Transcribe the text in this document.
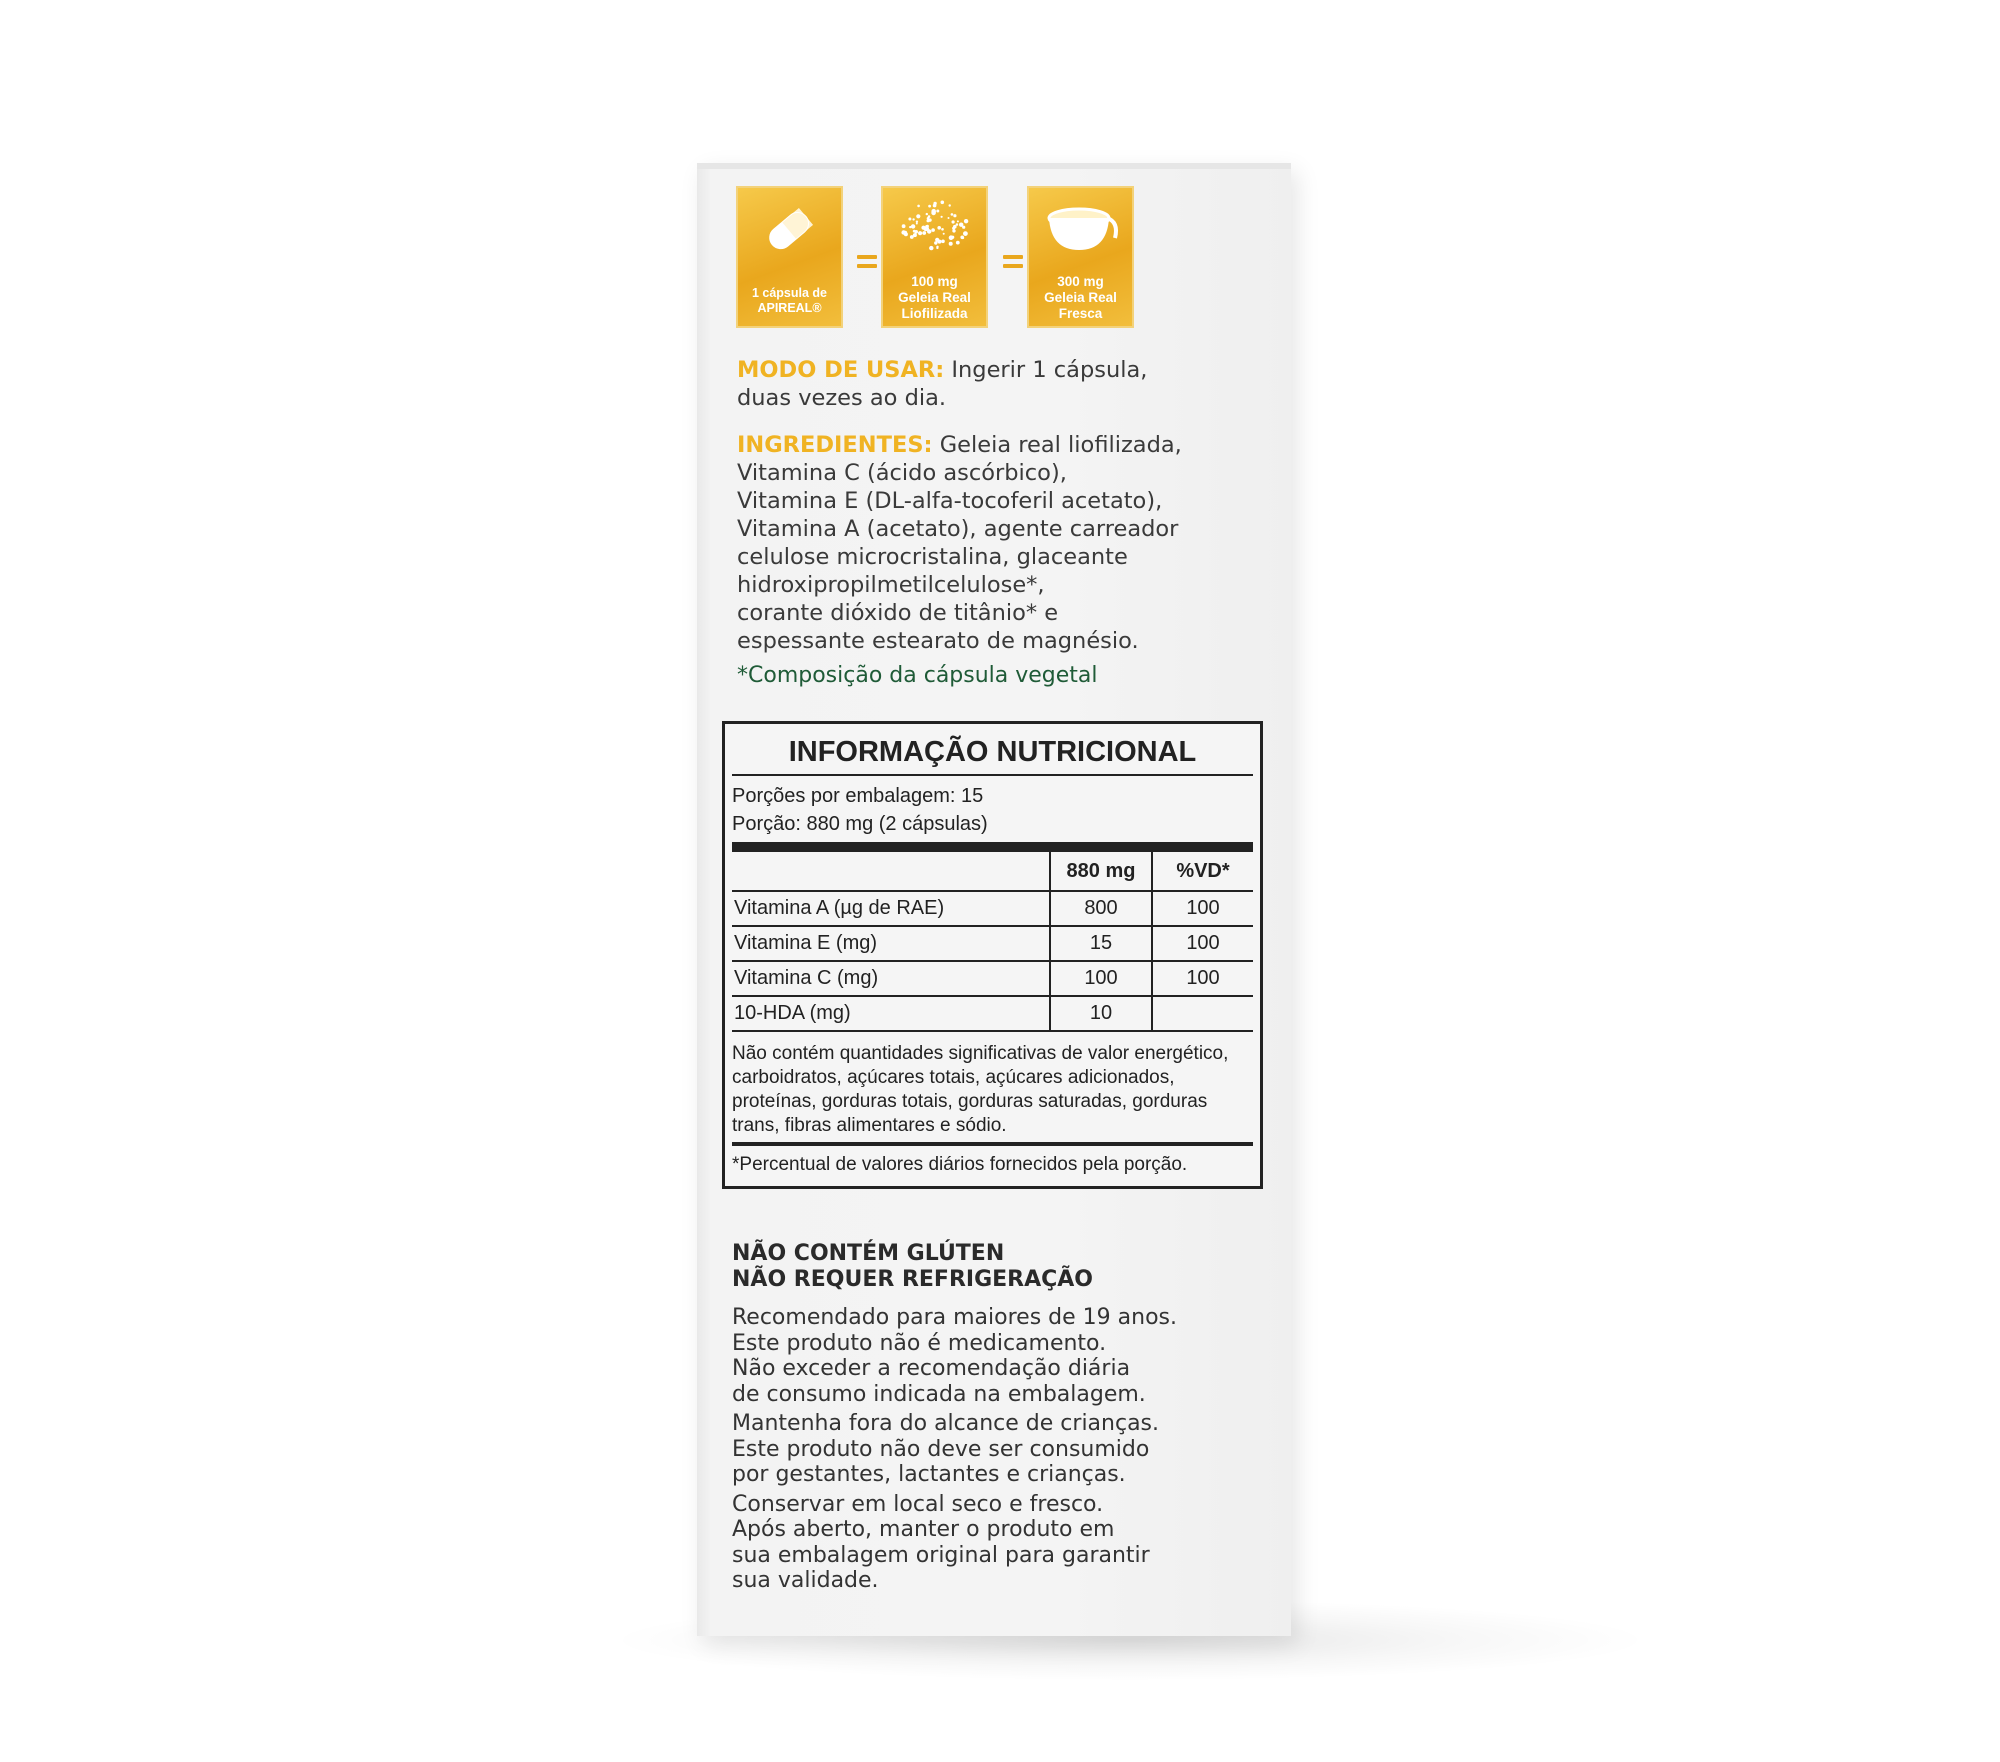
1 cápsula de
APIREAL®
100 mg
Geleia Real
Liofilizada
300 mg
Geleia Real
Fresca
MODO DE USAR: Ingerir 1 cápsula,
duas vezes ao dia.
INGREDIENTES: Geleia real liofilizada,
Vitamina C (ácido ascórbico),
Vitamina E (DL-alfa-tocoferil acetato),
Vitamina A (acetato), agente carreador
celulose microcristalina, glaceante
hidroxipropilmetilcelulose*,
corante dióxido de titânio* e
espessante estearato de magnésio.
*Composição da cápsula vegetal
INFORMAÇÃO NUTRICIONAL
Porções por embalagem: 15
Porção: 880 mg (2 cápsulas)
	880 mg	%VD*
Vitamina A (µg de RAE)	800	100
Vitamina E (mg)	15	100
Vitamina C (mg)	100	100
10-HDA (mg)	10	
Não contém quantidades significativas de valor energético,
carboidratos, açúcares totais, açúcares adicionados,
proteínas, gorduras totais, gorduras saturadas, gorduras
trans, fibras alimentares e sódio.
*Percentual de valores diários fornecidos pela porção.
NÃO CONTÉM GLÚTEN
NÃO REQUER REFRIGERAÇÃO
Recomendado para maiores de 19 anos.
Este produto não é medicamento.
Não exceder a recomendação diária
de consumo indicada na embalagem.
Mantenha fora do alcance de crianças.
Este produto não deve ser consumido
por gestantes, lactantes e crianças.
Conservar em local seco e fresco.
Após aberto, manter o produto em
sua embalagem original para garantir
sua validade.
